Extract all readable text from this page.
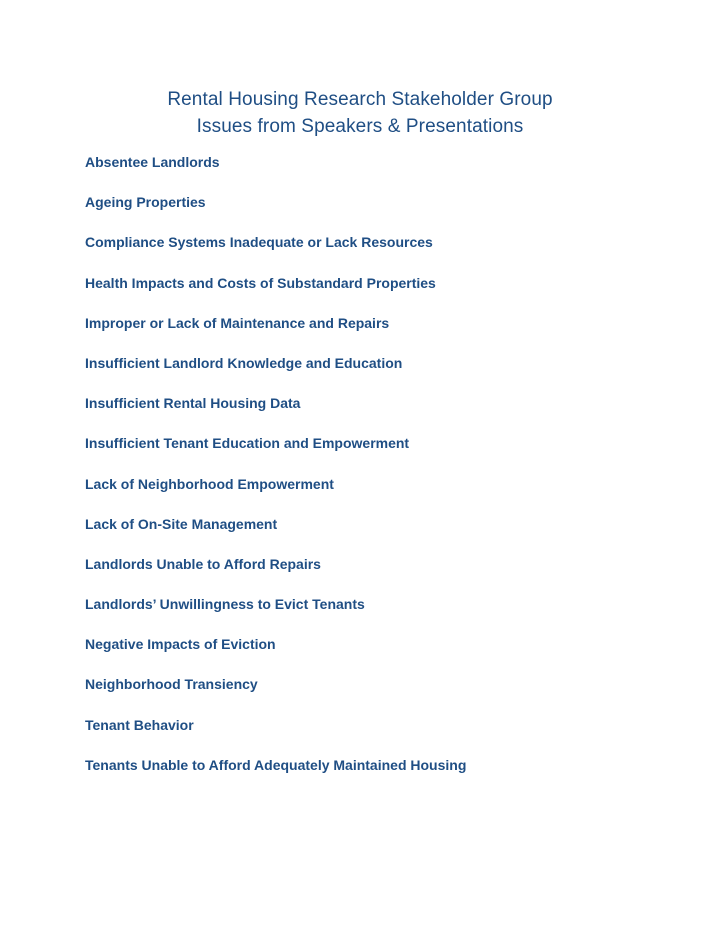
Rental Housing Research Stakeholder Group
Issues from Speakers & Presentations
Absentee Landlords
Ageing Properties
Compliance Systems Inadequate or Lack Resources
Health Impacts and Costs of Substandard Properties
Improper or Lack of Maintenance and Repairs
Insufficient Landlord Knowledge and Education
Insufficient Rental Housing Data
Insufficient Tenant Education and Empowerment
Lack of Neighborhood Empowerment
Lack of On-Site Management
Landlords Unable to Afford Repairs
Landlords’ Unwillingness to Evict Tenants
Negative Impacts of Eviction
Neighborhood Transiency
Tenant Behavior
Tenants Unable to Afford Adequately Maintained Housing
